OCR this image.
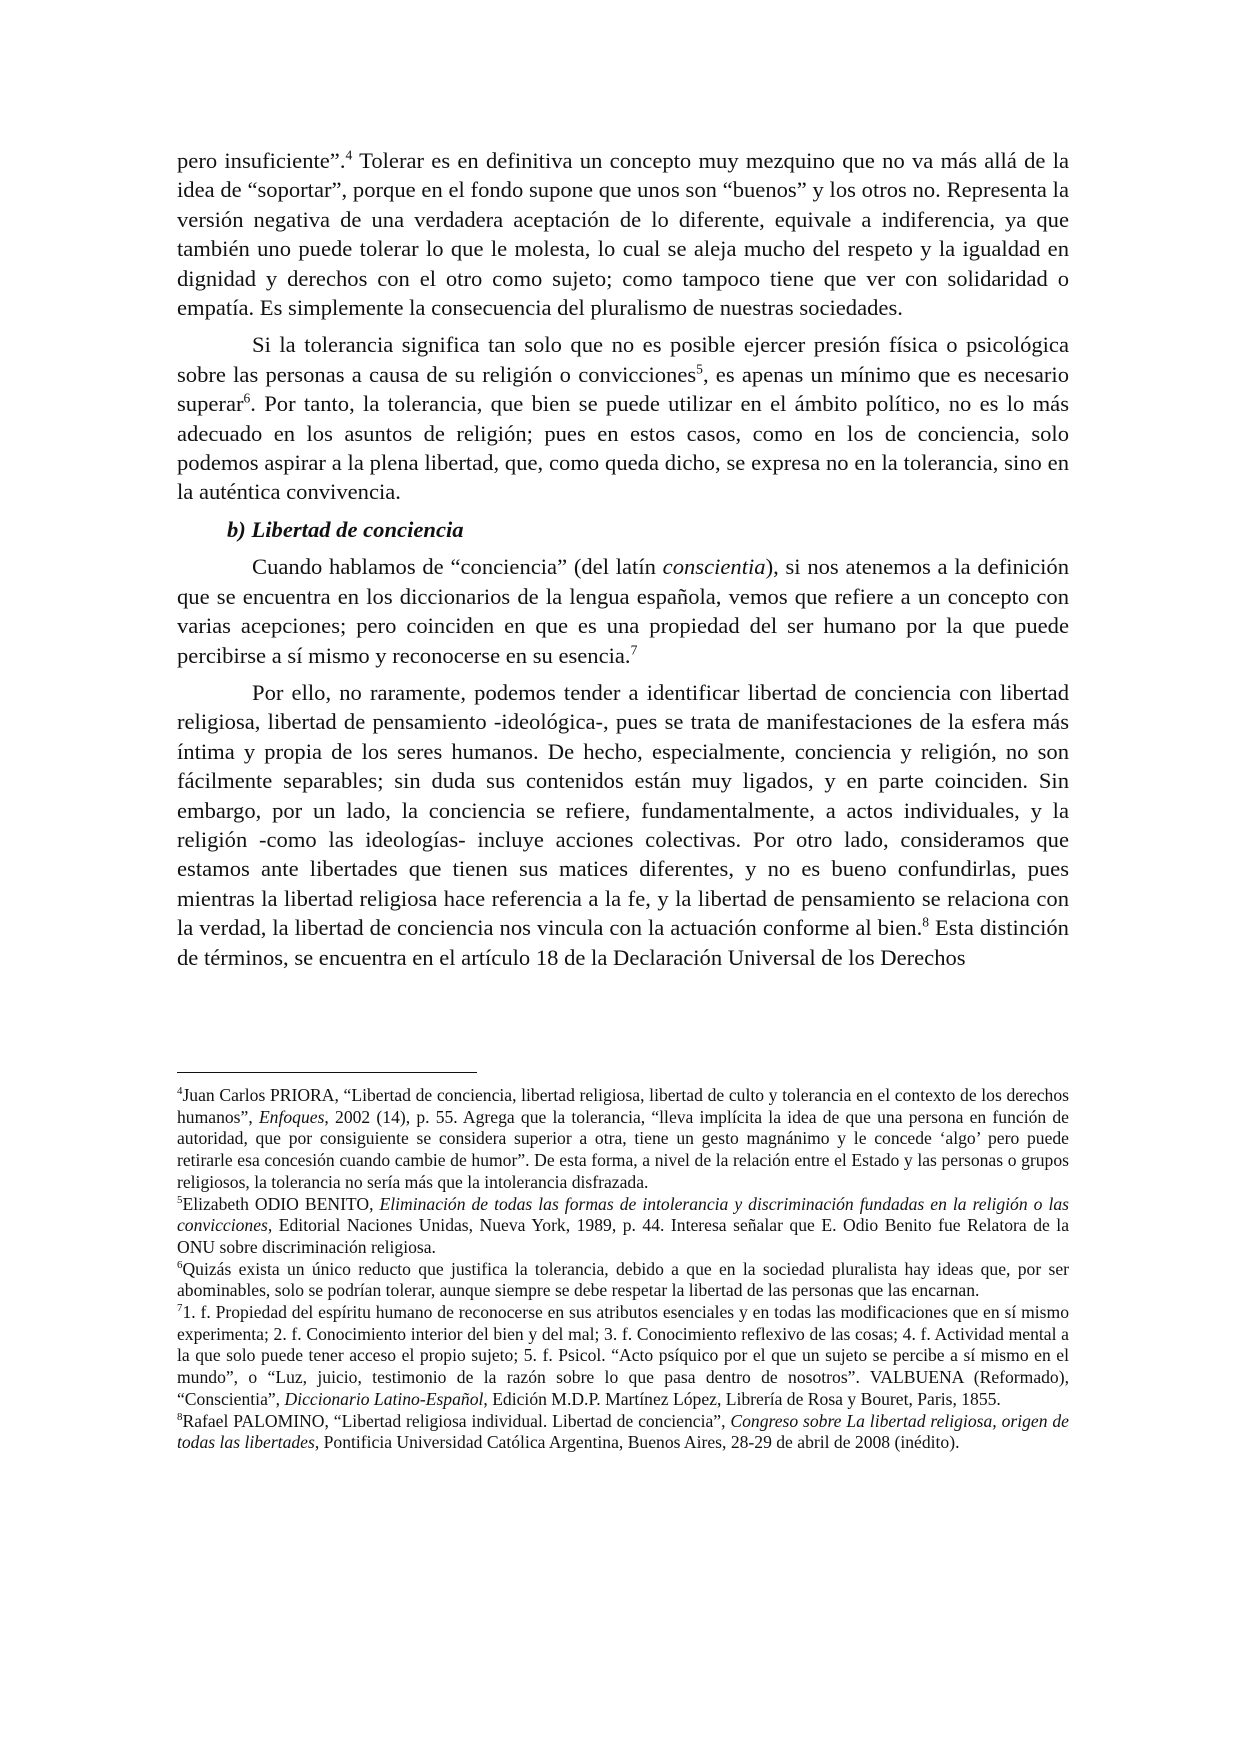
pero insuficiente”.$^4$ Tolerar es en definitiva un concepto muy mezquino que no va más allá de la idea de “soportar”, porque en el fondo supone que unos son “buenos” y los otros no. Representa la versión negativa de una verdadera aceptación de lo diferente, equivale a indiferencia, ya que también uno puede tolerar lo que le molesta, lo cual se aleja mucho del respeto y la igualdad en dignidad y derechos con el otro como sujeto; como tampoco tiene que ver con solidaridad o empatía. Es simplemente la consecuencia del pluralismo de nuestras sociedades.

Si la tolerancia significa tan solo que no es posible ejercer presión física o psicológica sobre las personas a causa de su religión o convicciones$^5$, es apenas un mínimo que es necesario superar$^6$. Por tanto, la tolerancia, que bien se puede utilizar en el ámbito político, no es lo más adecuado en los asuntos de religión; pues en estos casos, como en los de conciencia, solo podemos aspirar a la plena libertad, que, como queda dicho, se expresa no en la tolerancia, sino en la auténtica convivencia.

b) Libertad de conciencia

Cuando hablamos de “conciencia” (del latín conscientia), si nos atenemos a la definición que se encuentra en los diccionarios de la lengua española, vemos que refiere a un concepto con varias acepciones; pero coinciden en que es una propiedad del ser humano por la que puede percibirse a sí mismo y reconocerse en su esencia.$^7$

Por ello, no raramente, podemos tender a identificar libertad de conciencia con libertad religiosa, libertad de pensamiento -ideológica-, pues se trata de manifestaciones de la esfera más íntima y propia de los seres humanos. De hecho, especialmente, conciencia y religión, no son fácilmente separables; sin duda sus contenidos están muy ligados, y en parte coinciden. Sin embargo, por un lado, la conciencia se refiere, fundamentalmente, a actos individuales, y la religión -como las ideologías- incluye acciones colectivas. Por otro lado, consideramos que estamos ante libertades que tienen sus matices diferentes, y no es bueno confundirlas, pues mientras la libertad religiosa hace referencia a la fe, y la libertad de pensamiento se relaciona con la verdad, la libertad de conciencia nos vincula con la actuación conforme al bien.$^8$ Esta distinción de términos, se encuentra en el artículo 18 de la Declaración Universal de los Derechos

$^4$Juan Carlos PRIORA, “Libertad de conciencia, libertad religiosa, libertad de culto y tolerancia en el contexto de los derechos humanos”, Enfoques, 2002 (14), p. 55. Agrega que la tolerancia, “lleva implícita la idea de que una persona en función de autoridad, que por consiguiente se considera superior a otra, tiene un gesto magnánimo y le concede ‘algo’ pero puede retirarle esa concesión cuando cambie de humor”. De esta forma, a nivel de la relación entre el Estado y las personas o grupos religiosos, la tolerancia no sería más que la intolerancia disfrazada.

$^5$Elizabeth ODIO BENITO, Eliminación de todas las formas de intolerancia y discriminación fundadas en la religión o las convicciones, Editorial Naciones Unidas, Nueva York, 1989, p. 44. Interesa señalar que E. Odio Benito fue Relatora de la ONU sobre discriminación religiosa.

$^6$Quizás exista un único reducto que justifica la tolerancia, debido a que en la sociedad pluralista hay ideas que, por ser abominables, solo se podrían tolerar, aunque siempre se debe respetar la libertad de las personas que las encarnan.

$^7$1. f. Propiedad del espíritu humano de reconocerse en sus atributos esenciales y en todas las modificaciones que en sí mismo experimenta; 2. f. Conocimiento interior del bien y del mal; 3. f. Conocimiento reflexivo de las cosas; 4. f. Actividad mental a la que solo puede tener acceso el propio sujeto; 5. f. Psicol. “Acto psíquico por el que un sujeto se percibe a sí mismo en el mundo”, o “Luz, juicio, testimonio de la razón sobre lo que pasa dentro de nosotros”. VALBUENA (Reformado), “Conscientia”, Diccionario Latino-Español, Edición M.D.P. Martínez López, Librería de Rosa y Bouret, Paris, 1855.

$^8$Rafael PALOMINO, “Libertad religiosa individual. Libertad de conciencia”, Congreso sobre La libertad religiosa, origen de todas las libertades, Pontificia Universidad Católica Argentina, Buenos Aires, 28-29 de abril de 2008 (inédito).
